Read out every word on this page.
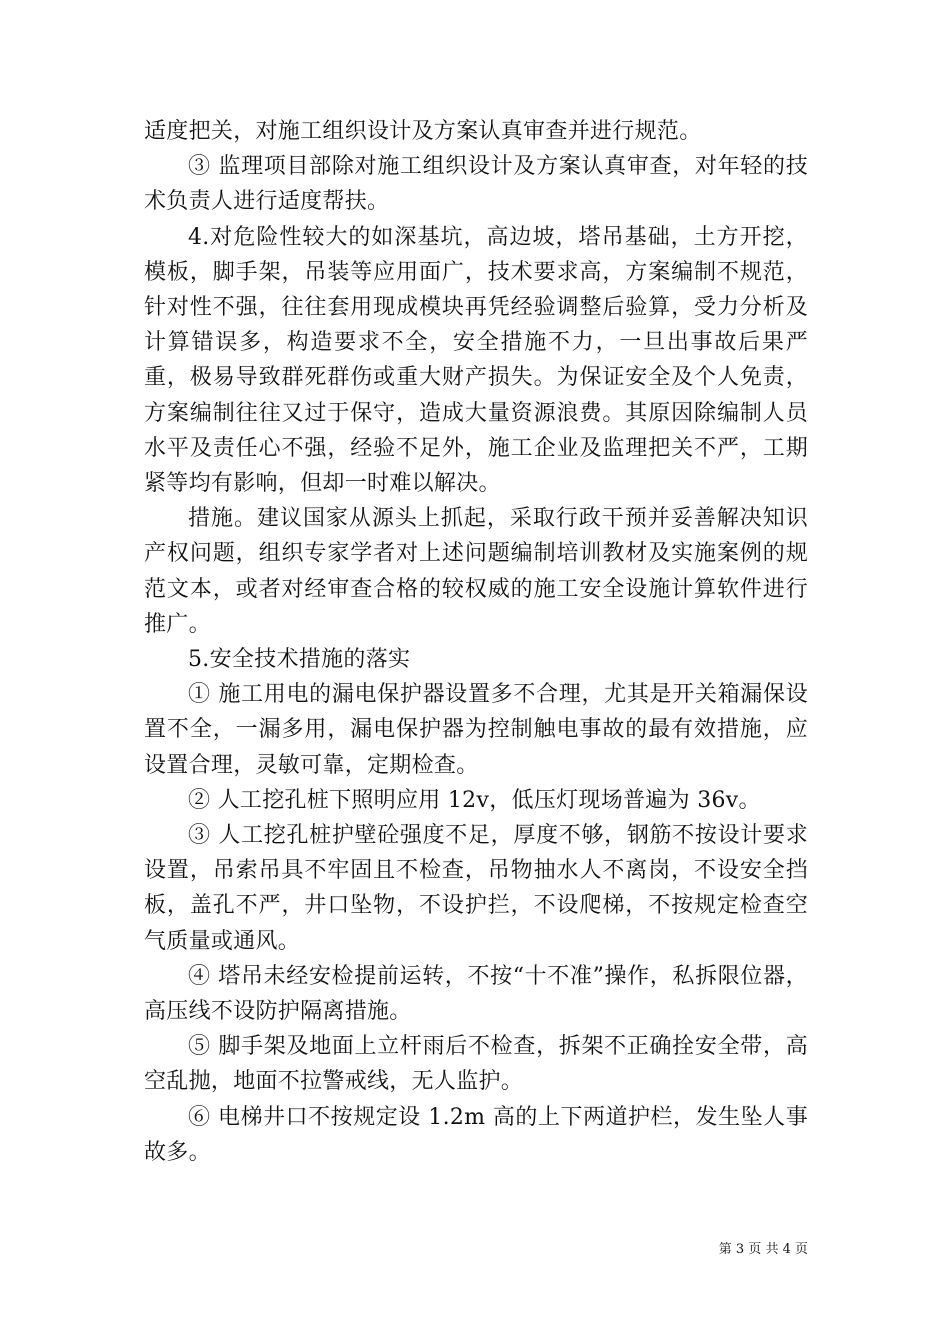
适度把关，对施工组织设计及方案认真审查并进行规范。

③ 监理项目部除对施工组织设计及方案认真审查，对年轻的技术负责人进行适度帮扶。

4.对危险性较大的如深基坑，高边坡，塔吊基础，土方开挖，模板，脚手架，吊装等应用面广，技术要求高，方案编制不规范，针对性不强，往往套用现成模块再凭经验调整后验算，受力分析及计算错误多，构造要求不全，安全措施不力，一旦出事故后果严重，极易导致群死群伤或重大财产损失。为保证安全及个人免责，方案编制往往又过于保守，造成大量资源浪费。其原因除编制人员水平及责任心不强，经验不足外，施工企业及监理把关不严，工期紧等均有影响，但却一时难以解决。

措施。建议国家从源头上抓起，采取行政干预并妥善解决知识产权问题，组织专家学者对上述问题编制培训教材及实施案例的规范文本，或者对经审查合格的较权威的施工安全设施计算软件进行推广。

5.安全技术措施的落实

① 施工用电的漏电保护器设置多不合理，尤其是开关箱漏保设置不全，一漏多用，漏电保护器为控制触电事故的最有效措施，应设置合理，灵敏可靠，定期检查。

② 人工挖孔桩下照明应用 12v，低压灯现场普遍为 36v。

③ 人工挖孔桩护壁砼强度不足，厚度不够，钢筋不按设计要求设置，吊索吊具不牢固且不检查，吊物抽水人不离岗，不设安全挡板，盖孔不严，井口坠物，不设护拦，不设爬梯，不按规定检查空气质量或通风。

④ 塔吊未经安检提前运转，不按“十不准”操作，私拆限位器，高压线不设防护隔离措施。

⑤ 脚手架及地面上立杆雨后不检查，拆架不正确拴安全带，高空乱抛，地面不拉警戒线，无人监护。

⑥ 电梯井口不按规定设 1.2m 高的上下两道护栏，发生坠人事故多。

第 3 页 共 4 页
